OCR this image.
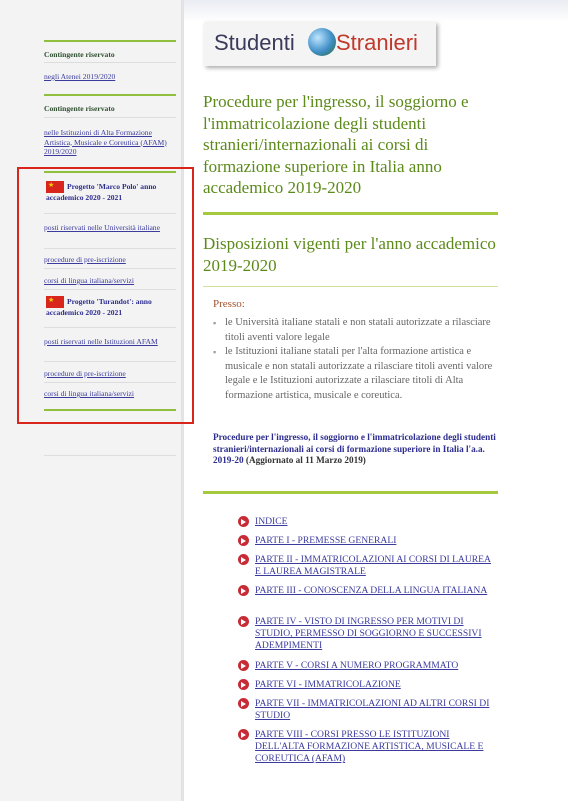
Contingente riservato
negli Atenei 2019/2020
Contingente riservato
nelle Istituzioni di Alta Formazione Artistica, Musicale e Coreutica (AFAM) 2019/2020
★Progetto 'Marco Polo' anno accademico 2020 - 2021
posti riservati nelle Università italiane
procedure di pre-iscrizione
corsi di lingua italiana/servizi
★Progetto 'Turandot': anno accademico 2020 - 2021
posti riservati nelle Istituzioni AFAM
procedure di pre-iscrizione
corsi di lingua italiana/servizi
Studenti Stranieri
Procedure per l'ingresso, il soggiorno e l'immatricolazione degli studenti stranieri/internazionali ai corsi di formazione superiore in Italia anno accademico 2019-2020
Disposizioni vigenti per l'anno accademico 2019-2020
Presso:
▪ le Università italiane statali e non statali autorizzate a rilasciare titoli aventi valore legale
▪ le Istituzioni italiane statali per l'alta formazione artistica e musicale e non statali autorizzate a rilasciare titoli aventi valore legale e le Istituzioni autorizzate a rilasciare titoli di Alta formazione artistica, musicale e coreutica.
Procedure per l'ingresso, il soggiorno e l'immatricolazione degli studenti stranieri/internazionali ai corsi di formazione superiore in Italia l'a.a. 2019-20 (Aggiornato al 11 Marzo 2019)
INDICE
PARTE I - PREMESSE GENERALI
PARTE II - IMMATRICOLAZIONI AI CORSI DI LAUREA E LAUREA MAGISTRALE
PARTE III - CONOSCENZA DELLA LINGUA ITALIANA
PARTE IV - VISTO DI INGRESSO PER MOTIVI DI STUDIO, PERMESSO DI SOGGIORNO E SUCCESSIVI ADEMPIMENTI
PARTE V - CORSI A NUMERO PROGRAMMATO
PARTE VI - IMMATRICOLAZIONE
PARTE VII - IMMATRICOLAZIONI AD ALTRI CORSI DI STUDIO
PARTE VIII - CORSI PRESSO LE ISTITUZIONI DELL'ALTA FORMAZIONE ARTISTICA, MUSICALE E COREUTICA (AFAM)
